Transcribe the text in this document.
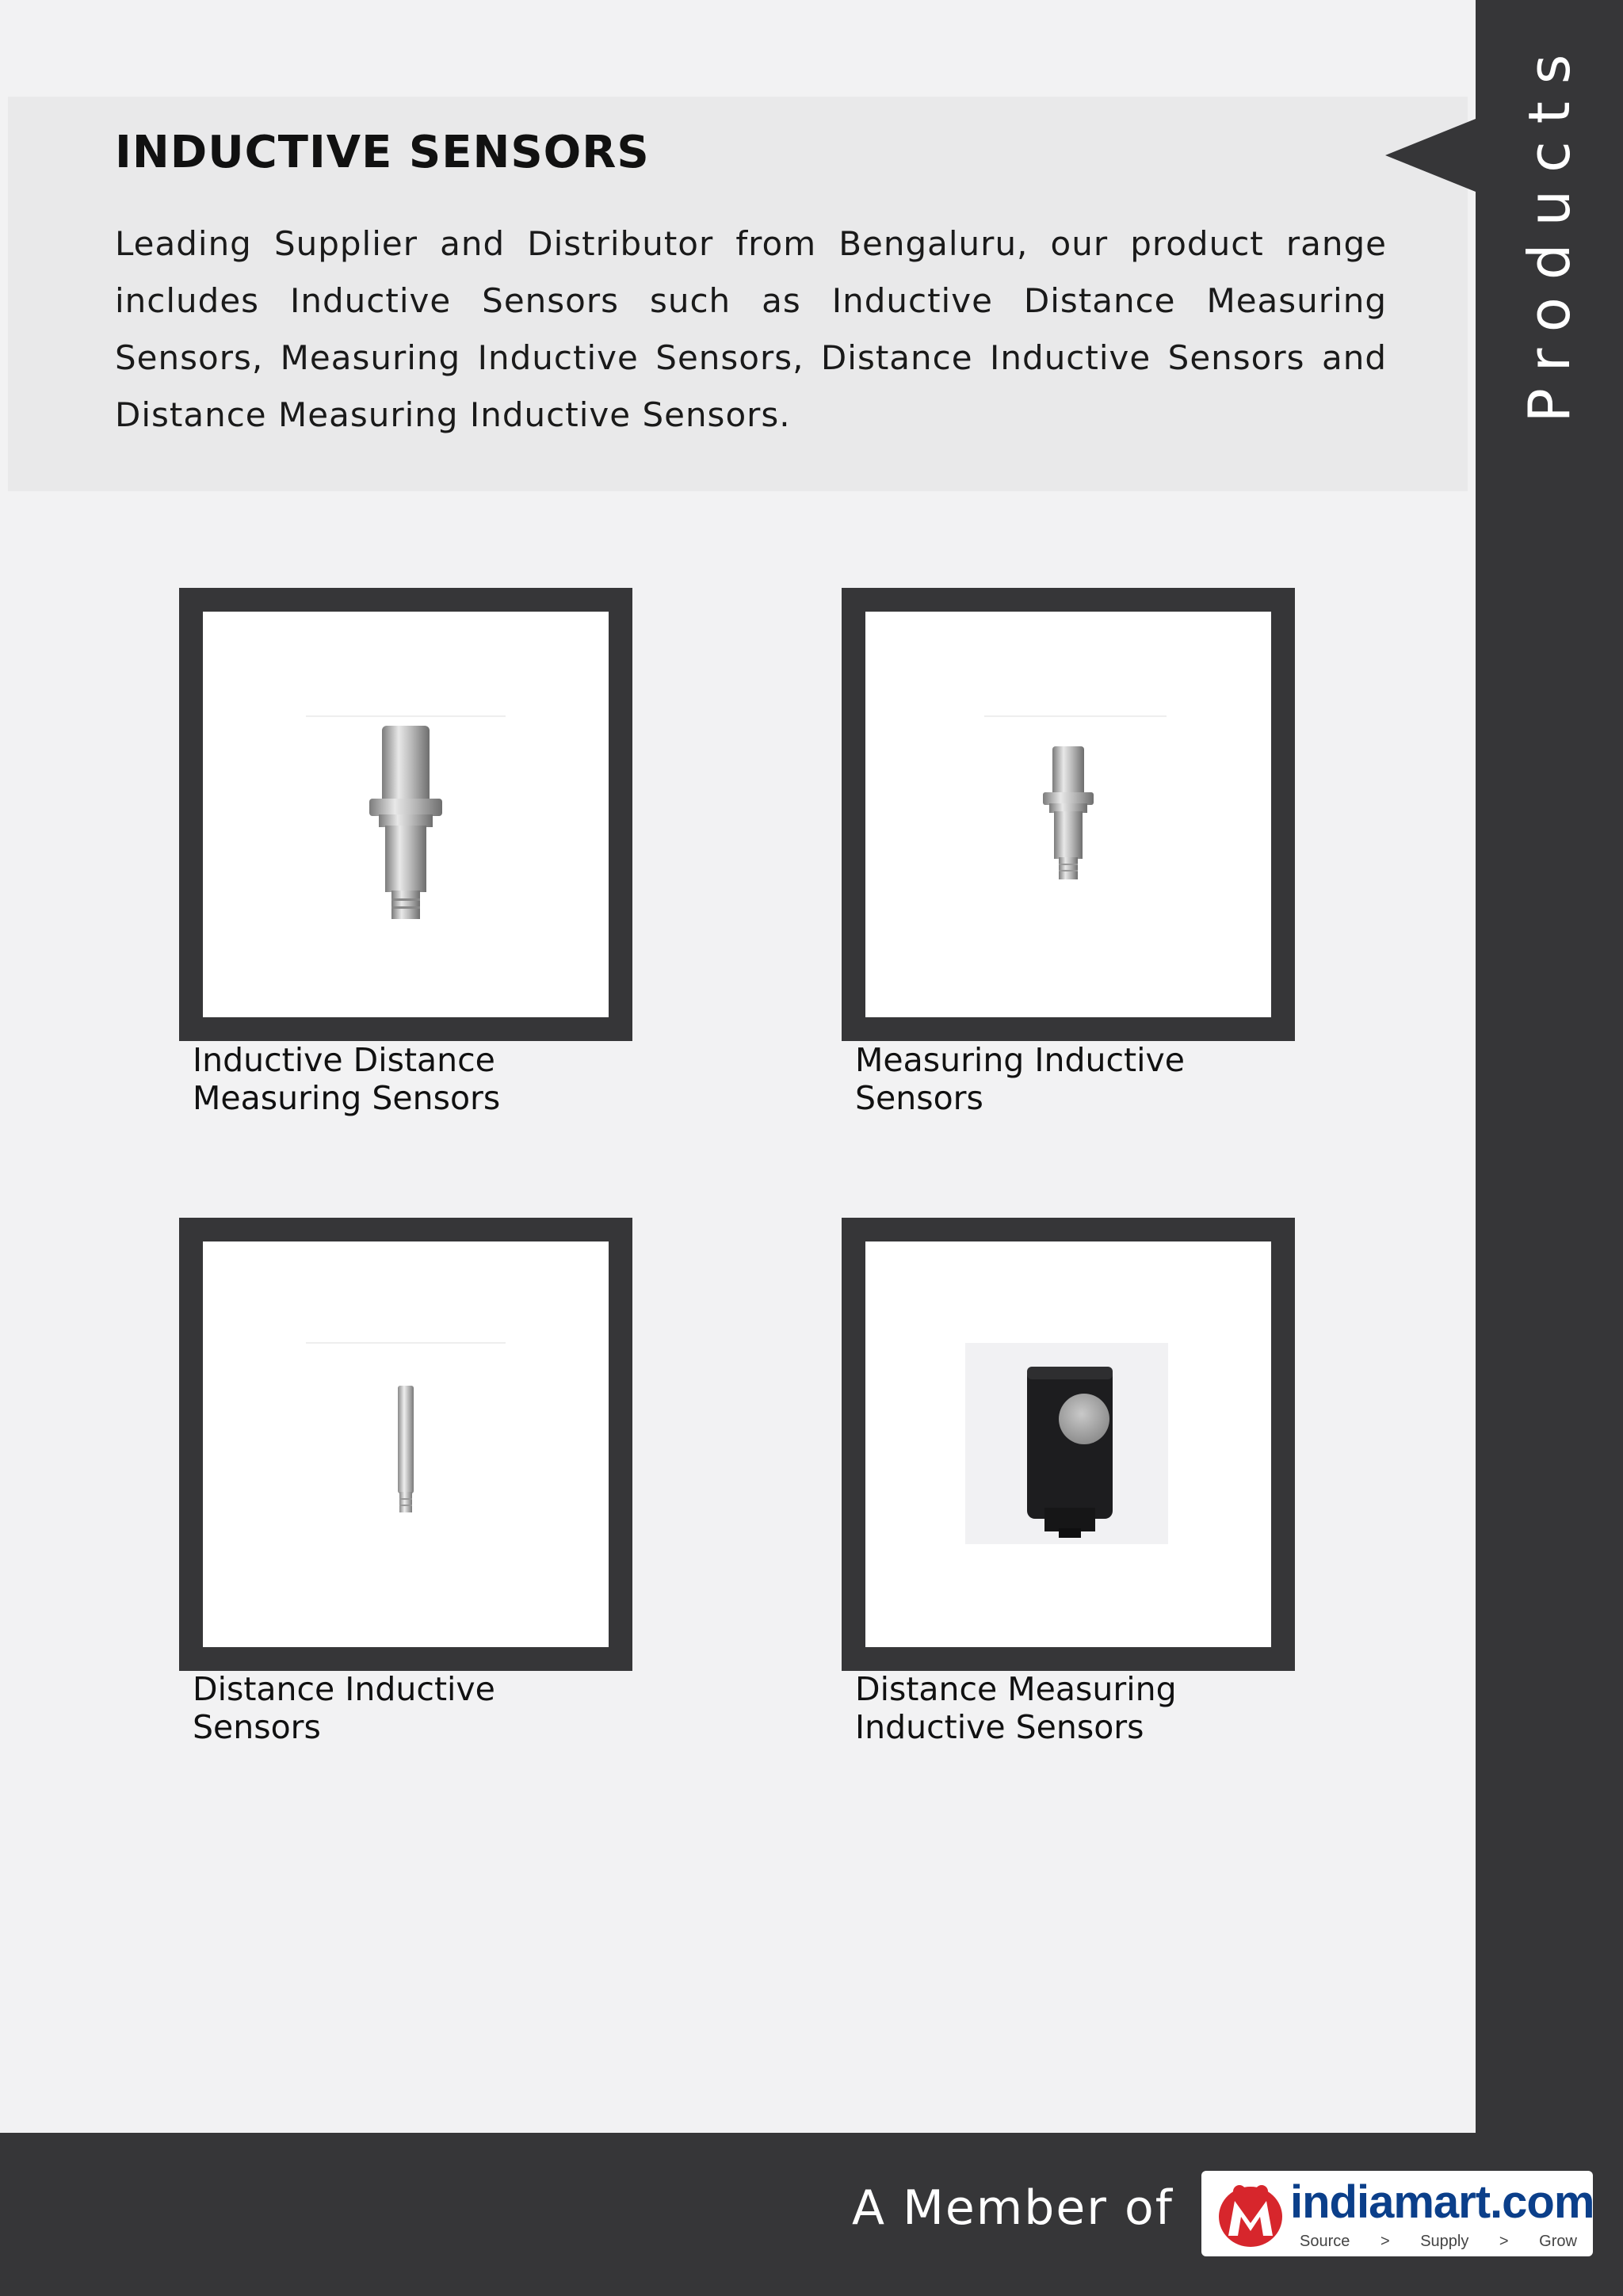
Products
INDUCTIVE SENSORS

Leading Supplier and Distributor from Bengaluru, our product range includes Inductive Sensors such as Inductive Distance Measuring Sensors, Measuring Inductive Sensors, Distance Inductive Sensors and Distance Measuring Inductive Sensors.

Inductive Distance
Measuring Sensors
Measuring Inductive
Sensors
Distance Inductive
Sensors
Distance Measuring
Inductive Sensors
A Member of	indiamart.com
Source > Supply > Grow
